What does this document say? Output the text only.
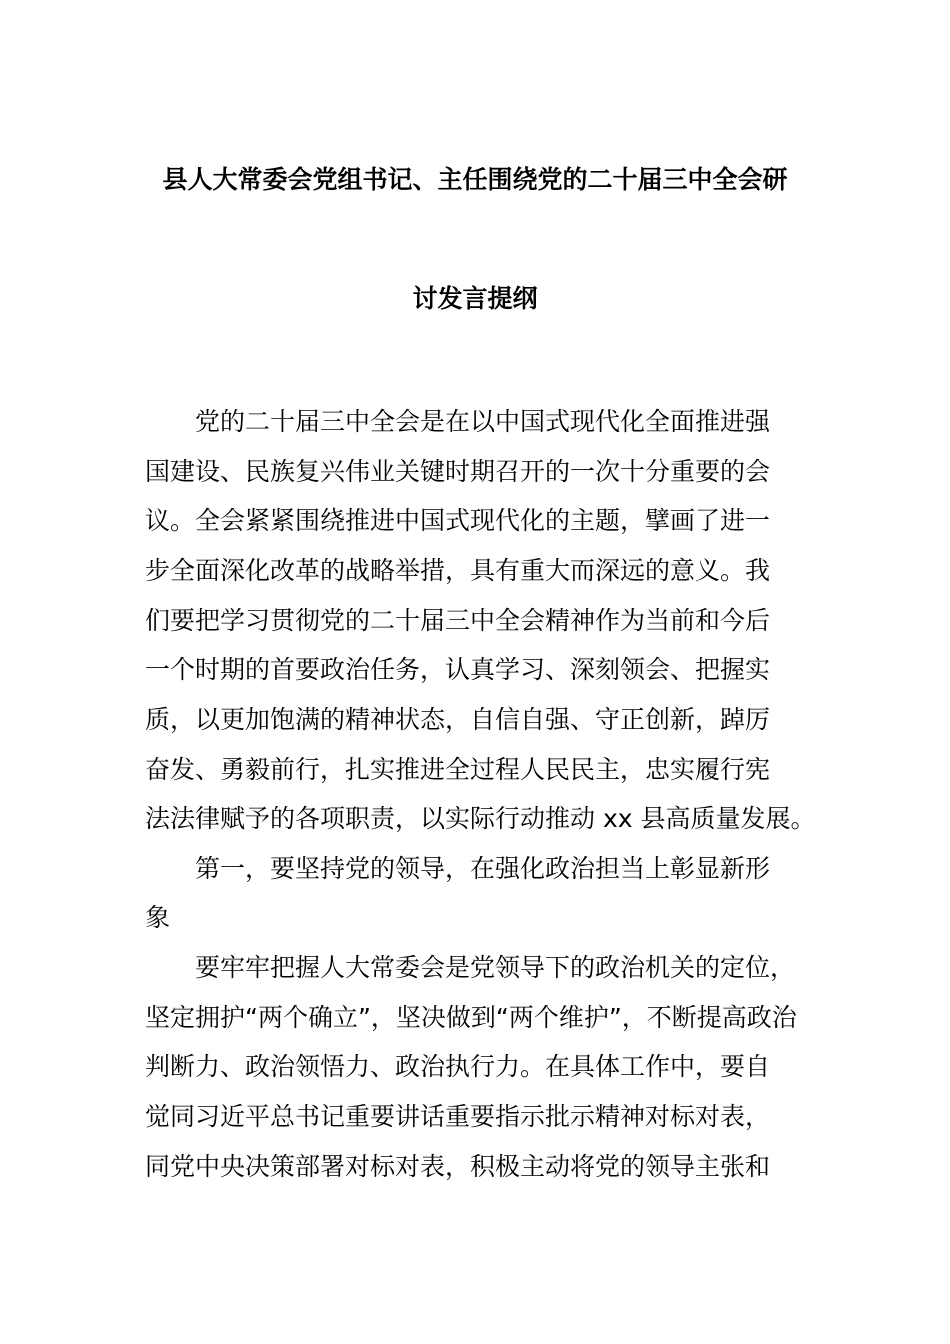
县人大常委会党组书记、主任围绕党的二十届三中全会研
讨发言提纲
党的二十届三中全会是在以中国式现代化全面推进强
国建设、民族复兴伟业关键时期召开的一次十分重要的会
议。全会紧紧围绕推进中国式现代化的主题，擘画了进一
步全面深化改革的战略举措，具有重大而深远的意义。我
们要把学习贯彻党的二十届三中全会精神作为当前和今后
一个时期的首要政治任务，认真学习、深刻领会、把握实
质，以更加饱满的精神状态，自信自强、守正创新，踔厉
奋发、勇毅前行，扎实推进全过程人民民主，忠实履行宪
法法律赋予的各项职责，以实际行动推动 xx 县高质量发展。
第一，要坚持党的领导，在强化政治担当上彰显新形
象
要牢牢把握人大常委会是党领导下的政治机关的定位，
坚定拥护“两个确立”，坚决做到“两个维护”，不断提高政治
判断力、政治领悟力、政治执行力。在具体工作中，要自
觉同习近平总书记重要讲话重要指示批示精神对标对表，
同党中央决策部署对标对表，积极主动将党的领导主张和
